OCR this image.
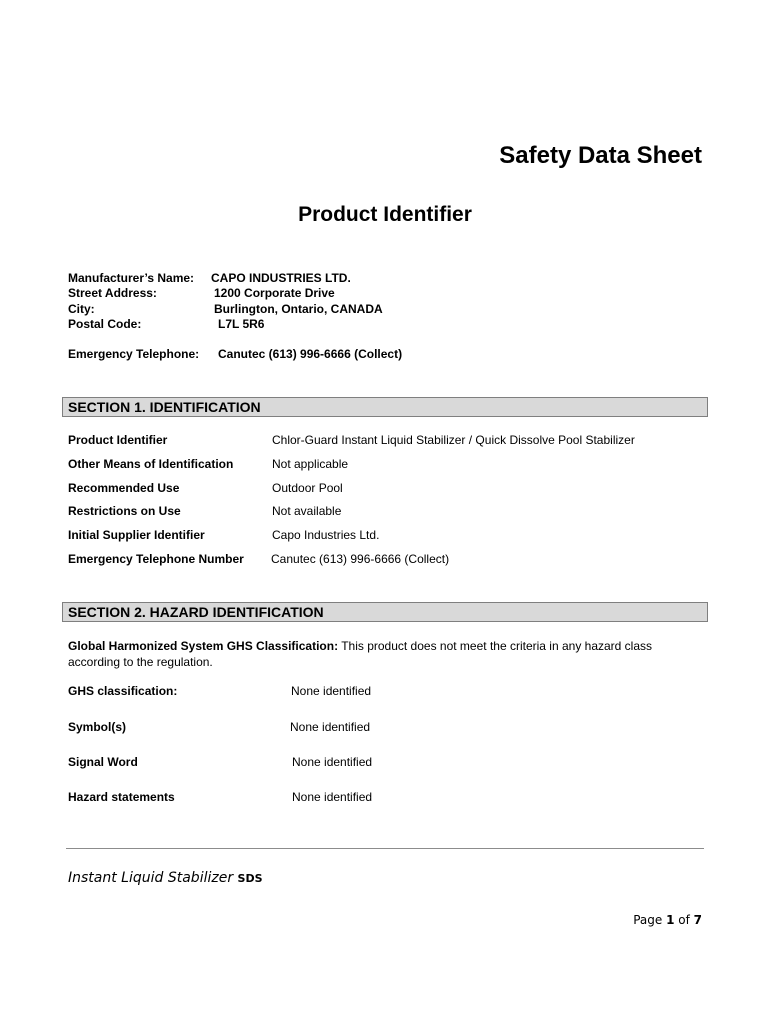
Safety Data Sheet
Product Identifier
Manufacturer’s Name: CAPO INDUSTRIES LTD.
Street Address:	1200 Corporate Drive
City:	Burlington, Ontario, CANADA
Postal Code:	L7L 5R6
Emergency Telephone: Canutec (613) 996-6666 (Collect)
SECTION 1. IDENTIFICATION
Product Identifier	Chlor-Guard Instant Liquid Stabilizer / Quick Dissolve Pool Stabilizer
Other Means of Identification	Not applicable
Recommended Use	Outdoor Pool
Restrictions on Use	Not available
Initial Supplier Identifier	Capo Industries Ltd.
Emergency Telephone Number Canutec (613) 996-6666 (Collect)
SECTION 2. HAZARD IDENTIFICATION
Global Harmonized System GHS Classification: This product does not meet the criteria in any hazard class according to the regulation.
GHS classification:	None identified
Symbol(s)	None identified
Signal Word	None identified
Hazard statements	None identified
Instant Liquid Stabilizer SDS
Page 1 of 7
